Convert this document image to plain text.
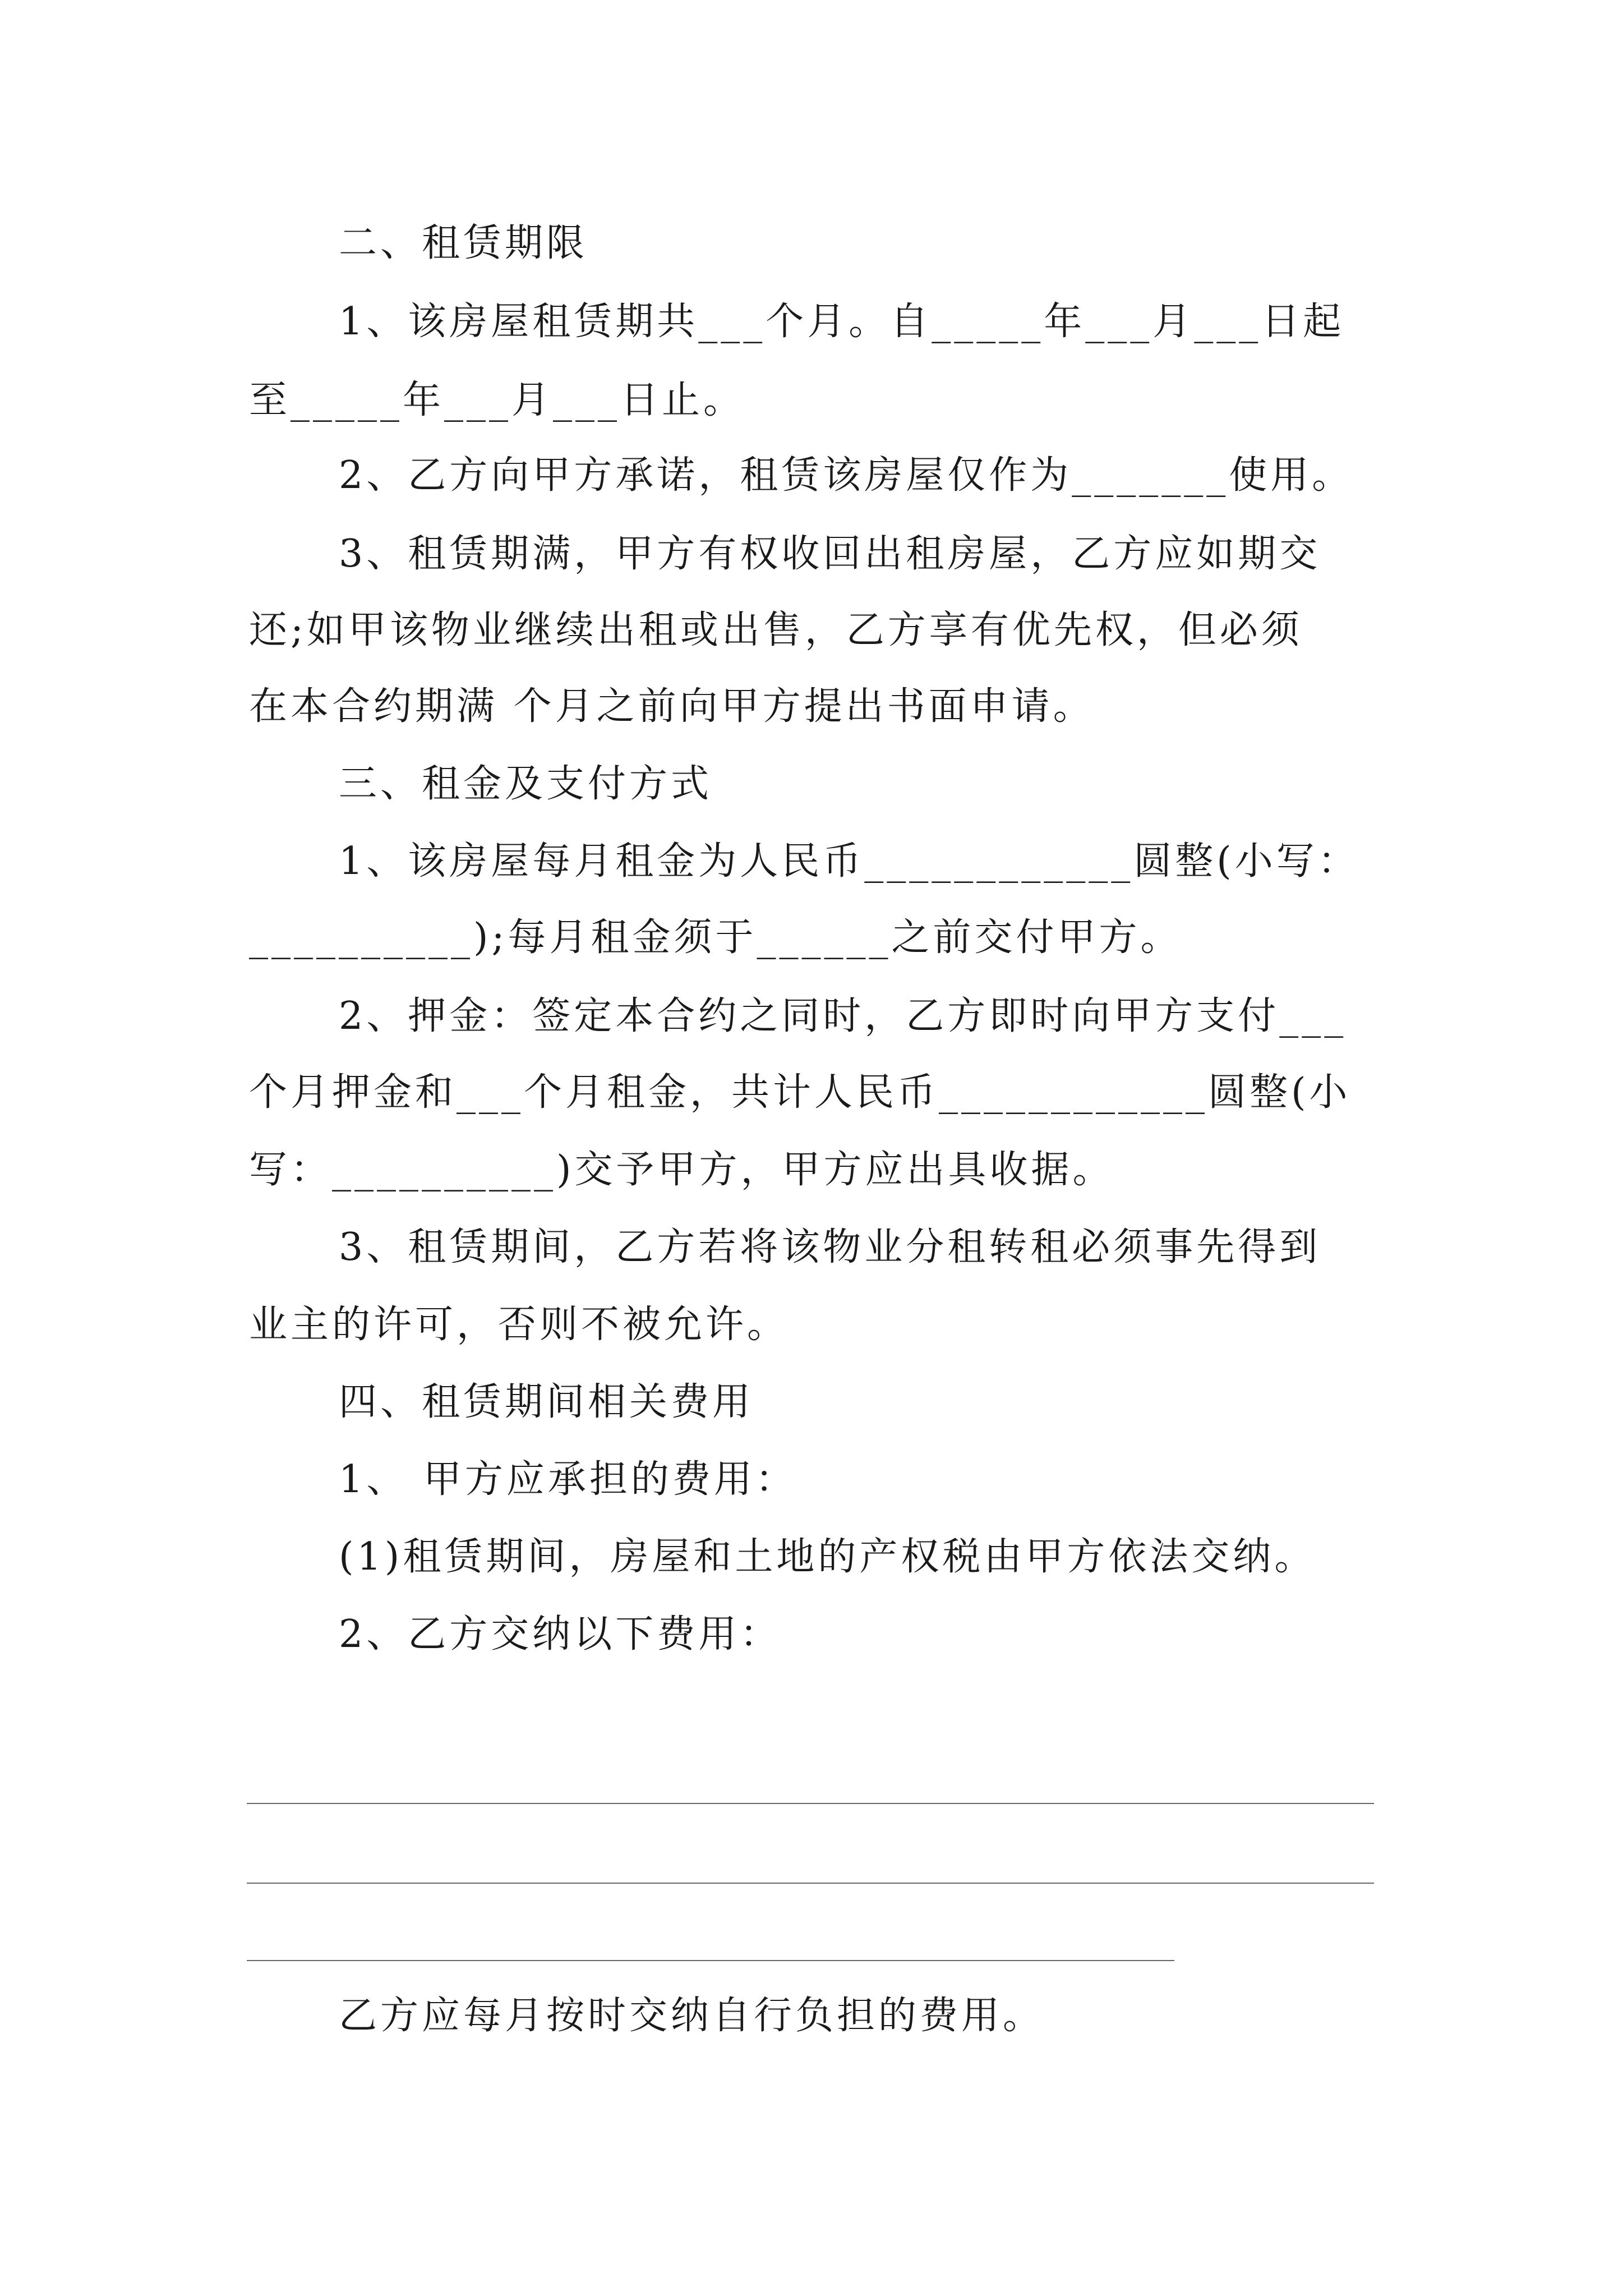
二、租赁期限
1、该房屋租赁期共___个月。自_____年___月___日起
至_____年___月___日止。
2、乙方向甲方承诺，租赁该房屋仅作为_______使用。
3、租赁期满，甲方有权收回出租房屋，乙方应如期交
还;如甲该物业继续出租或出售，乙方享有优先权，但必须
在本合约期满 个月之前向甲方提出书面申请。
三、租金及支付方式
1、该房屋每月租金为人民币____________圆整(小写：
__________);每月租金须于______之前交付甲方。
2、押金：签定本合约之同时，乙方即时向甲方支付___
个月押金和___个月租金，共计人民币____________圆整(小
写：__________)交予甲方，甲方应出具收据。
3、租赁期间，乙方若将该物业分租转租必须事先得到
业主的许可，否则不被允许。
四、租赁期间相关费用
1、 甲方应承担的费用：
(1)租赁期间，房屋和土地的产权税由甲方依法交纳。
2、乙方交纳以下费用：
乙方应每月按时交纳自行负担的费用。
